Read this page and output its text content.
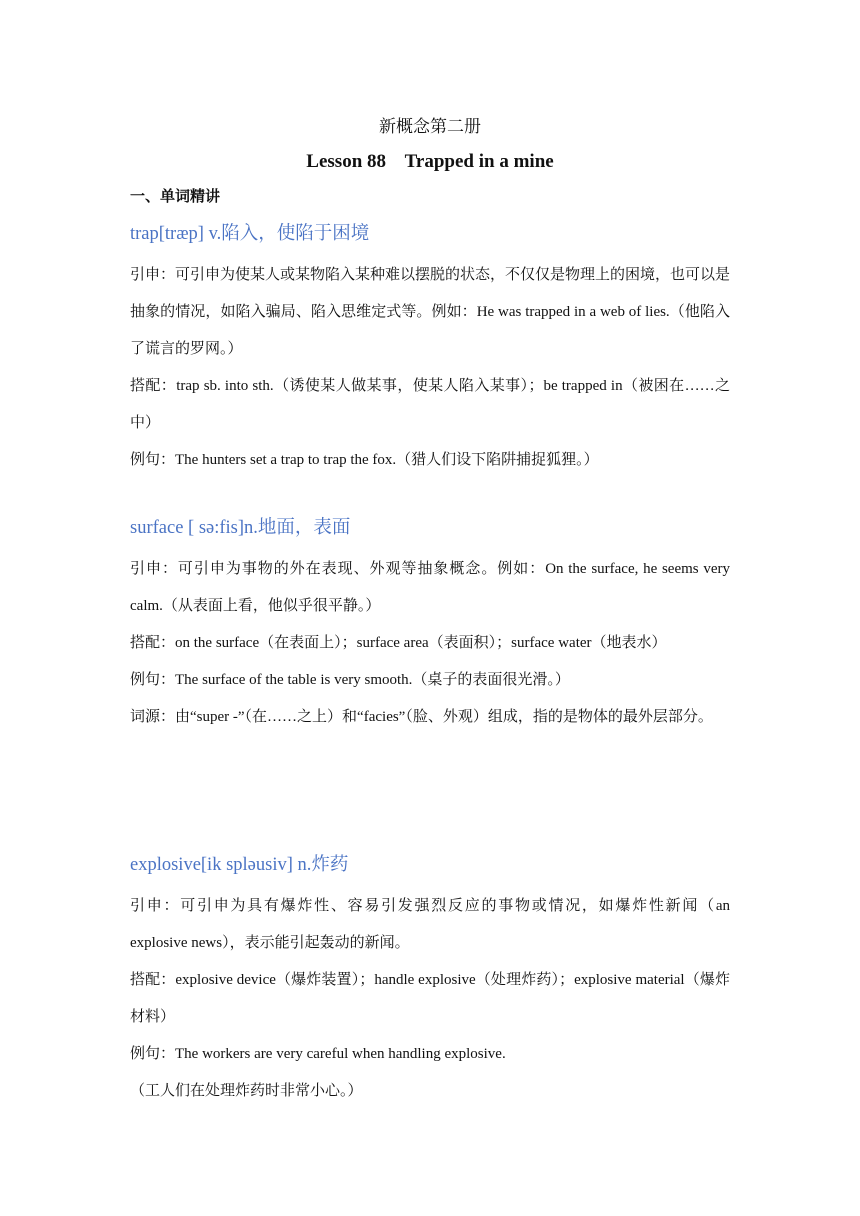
新概念第二册
Lesson 88    Trapped in a mine
一、单词精讲

trap[træp] v.陷入，使陷于困境

引申：可引申为使某人或某物陷入某种难以摆脱的状态，不仅仅是物理上的困境，也可以是抽象的情况，如陷入骗局、陷入思维定式等。例如：He was trapped in a web of lies.（他陷入了谎言的罗网。）

搭配：trap sb. into sth.（诱使某人做某事，使某人陷入某事）；be trapped in（被困在……之中）

例句：The hunters set a trap to trap the fox.（猎人们设下陷阱捕捉狐狸。）

surface [ sə:fis]n.地面，表面

引申：可引申为事物的外在表现、外观等抽象概念。例如：On the surface, he seems very calm.（从表面上看，他似乎很平静。）

搭配：on the surface（在表面上）；surface area（表面积）；surface water（地表水）

例句：The surface of the table is very smooth.（桌子的表面很光滑。）

词源：由“super -”（在……之上）和“facies”（脸、外观）组成，指的是物体的最外层部分。

explosive[ik spləusiv] n.炸药

引申：可引申为具有爆炸性、容易引发强烈反应的事物或情况，如爆炸性新闻（an explosive news），表示能引起轰动的新闻。

搭配：explosive device（爆炸装置）；handle explosive（处理炸药）；explosive material（爆炸材料）

例句：The workers are very careful when handling explosive.

（工人们在处理炸药时非常小心。）
